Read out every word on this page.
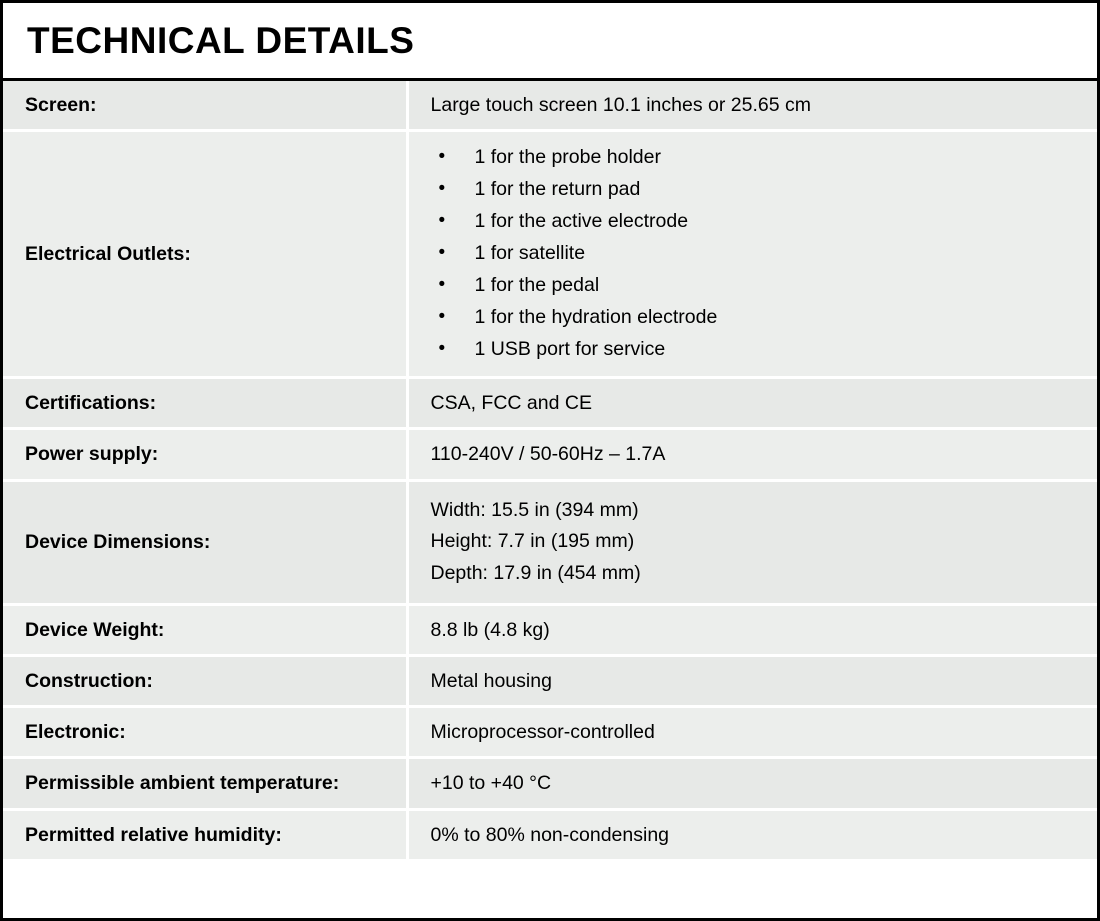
TECHNICAL DETAILS
Screen:	Large touch screen 10.1 inches or 25.65 cm
Electrical Outlets:	
• 1 for the probe holder
• 1 for the return pad
• 1 for the active electrode
• 1 for satellite
• 1 for the pedal
• 1 for the hydration electrode
• 1 USB port for service

Certifications:	CSA, FCC and CE
Power supply:	110-240V / 50-60Hz – 1.7A
Device Dimensions:	Width: 15.5 in (394 mm)
Height: 7.7 in (195 mm)
Depth: 17.9 in (454 mm)

Device Weight:	8.8 lb (4.8 kg)
Construction:	Metal housing
Electronic:	Microprocessor-controlled
Permissible ambient temperature:	+10 to +40 °C
Permitted relative humidity:	0% to 80% non-condensing
